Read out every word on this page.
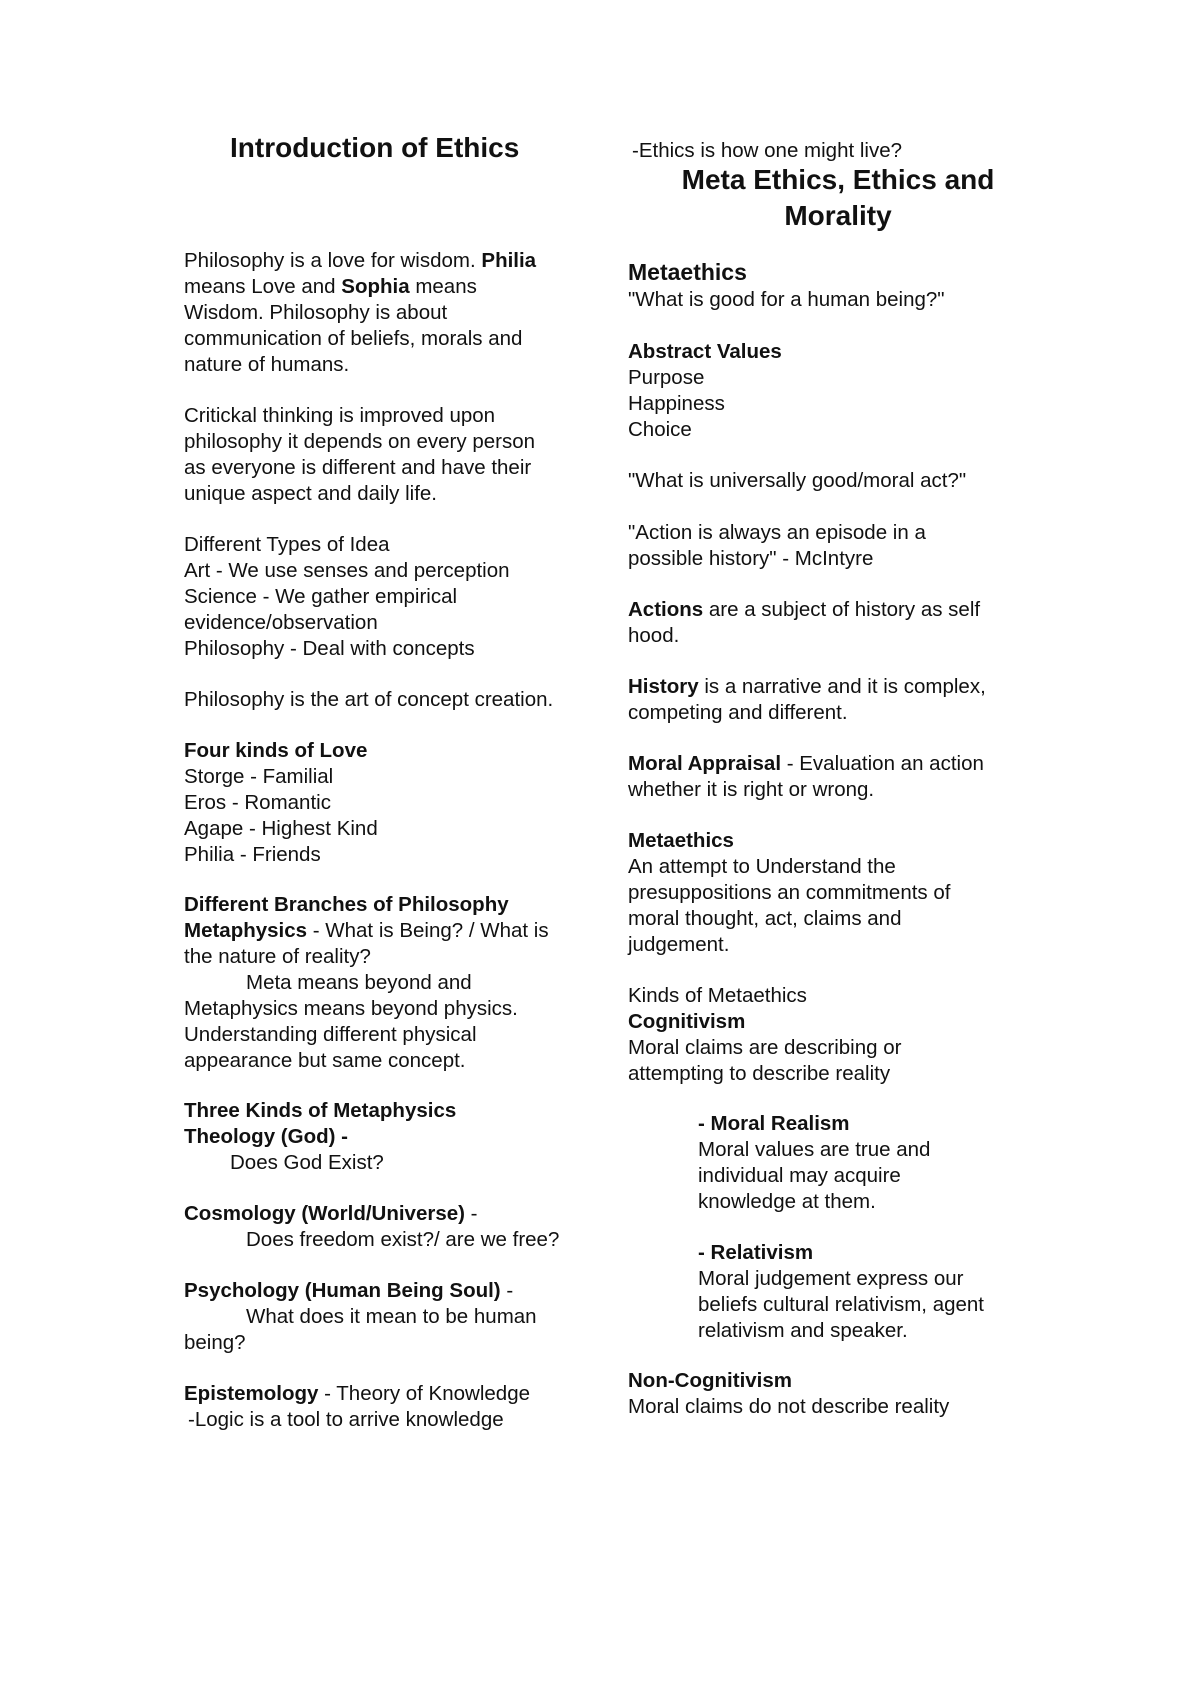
Introduction of Ethics
Philosophy is a love for wisdom. Philia
means Love and Sophia means
Wisdom. Philosophy is about
communication of beliefs, morals and
nature of humans.
Critickal thinking is improved upon
philosophy it depends on every person
as everyone is different and have their
unique aspect and daily life.
Different Types of Idea
Art - We use senses and perception
Science - We gather empirical
evidence/observation
Philosophy - Deal with concepts
Philosophy is the art of concept creation.
Four kinds of Love
Storge - Familial
Eros - Romantic
Agape - Highest Kind
Philia - Friends
Different Branches of Philosophy
Metaphysics - What is Being? / What is
the nature of reality?
Meta means beyond and
Metaphysics means beyond physics.
Understanding different physical
appearance but same concept.
Three Kinds of Metaphysics
Theology (God) -
Does God Exist?
Cosmology (World/Universe) -
Does freedom exist?/ are we free?
Psychology (Human Being Soul) -
What does it mean to be human
being?
Epistemology - Theory of Knowledge
-Logic is a tool to arrive knowledge
-Ethics is how one might live?
Meta Ethics, Ethics and Morality
Metaethics
"What is good for a human being?"
Abstract Values
Purpose
Happiness
Choice
"What is universally good/moral act?"
"Action is always an episode in a
possible history" - McIntyre
Actions are a subject of history as self
hood.
History is a narrative and it is complex,
competing and different.
Moral Appraisal - Evaluation an action
whether it is right or wrong.
Metaethics
An attempt to Understand the
presuppositions an commitments of
moral thought, act, claims and
judgement.
Kinds of Metaethics
Cognitivism
Moral claims are describing or
attempting to describe reality
- Moral Realism
Moral values are true and
individual may acquire
knowledge at them.
- Relativism
Moral judgement express our
beliefs cultural relativism, agent
relativism and speaker.
Non-Cognitivism
Moral claims do not describe reality
